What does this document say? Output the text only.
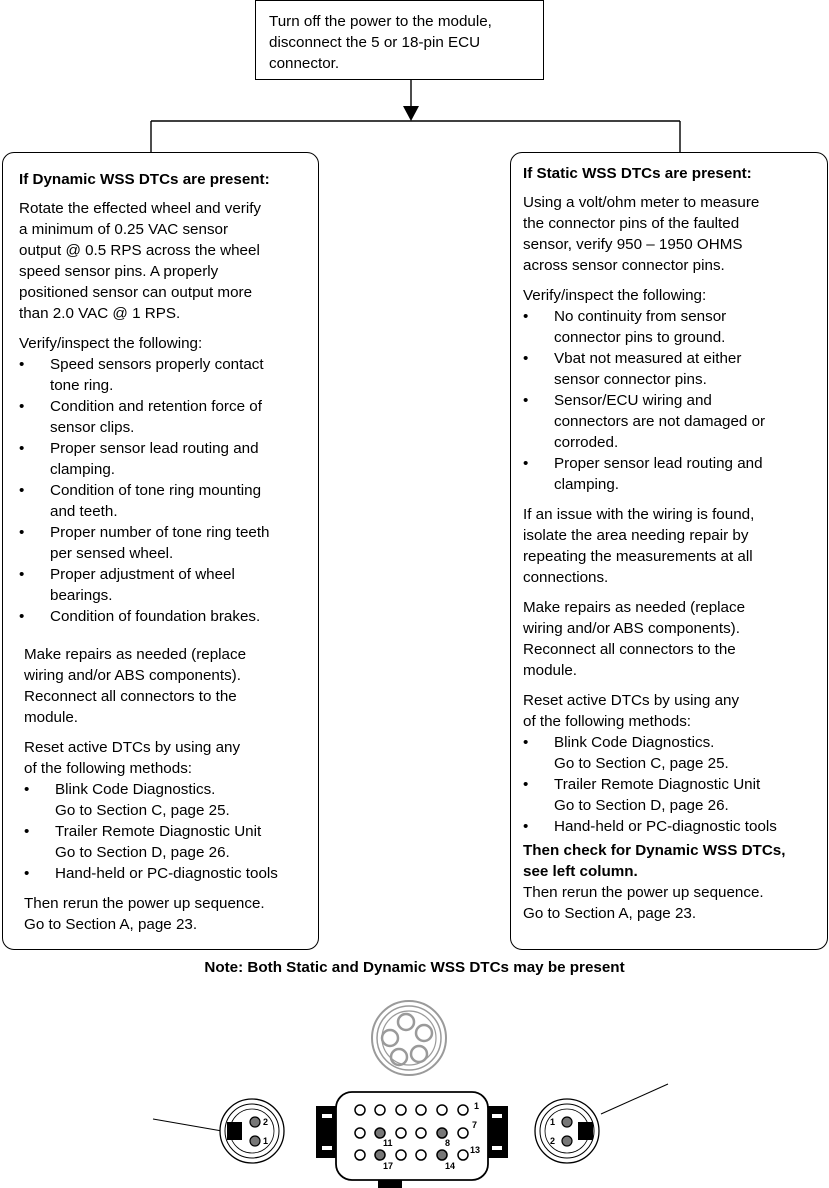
Turn off the power to the module,
disconnect the 5 or 18-pin ECU
connector.
If Dynamic WSS DTCs are present:
Rotate the effected wheel and verify
a minimum of 0.25 VAC sensor
output @ 0.5 RPS across the wheel
speed sensor pins. A properly
positioned sensor can output more
than 2.0 VAC @ 1 RPS.
Verify/inspect the following:
• Speed sensors properly contact
tone ring.
• Condition and retention force of
sensor clips.
• Proper sensor lead routing and
clamping.
• Condition of tone ring mounting
and teeth.
• Proper number of tone ring teeth
per sensed wheel.
• Proper adjustment of wheel
bearings.
• Condition of foundation brakes.
Make repairs as needed (replace
wiring and/or ABS components).
Reconnect all connectors to the
module.
Reset active DTCs by using any
of the following methods:
• Blink Code Diagnostics.
Go to Section C, page 25.
• Trailer Remote Diagnostic Unit
Go to Section D, page 26.
• Hand-held or PC-diagnostic tools
Then rerun the power up sequence.
Go to Section A, page 23.
If Static WSS DTCs are present:
Using a volt/ohm meter to measure
the connector pins of the faulted
sensor, verify 950 – 1950 OHMS
across sensor connector pins.
Verify/inspect the following:
• No continuity from sensor
connector pins to ground.
• Vbat not measured at either
sensor connector pins.
• Sensor/ECU wiring and
connectors are not damaged or
corroded.
• Proper sensor lead routing and
clamping.
If an issue with the wiring is found,
isolate the area needing repair by
repeating the measurements at all
connections.
Make repairs as needed (replace
wiring and/or ABS components).
Reconnect all connectors to the
module.
Reset active DTCs by using any
of the following methods:
• Blink Code Diagnostics.
Go to Section C, page 25.
• Trailer Remote Diagnostic Unit
Go to Section D, page 26.
• Hand-held or PC-diagnostic tools
Then check for Dynamic WSS DTCs,
see left column.
Then rerun the power up sequence.
Go to Section A, page 23.
Note: Both Static and Dynamic WSS DTCs may be present
2
1
1
2
1
7
11	8
13
17	14
